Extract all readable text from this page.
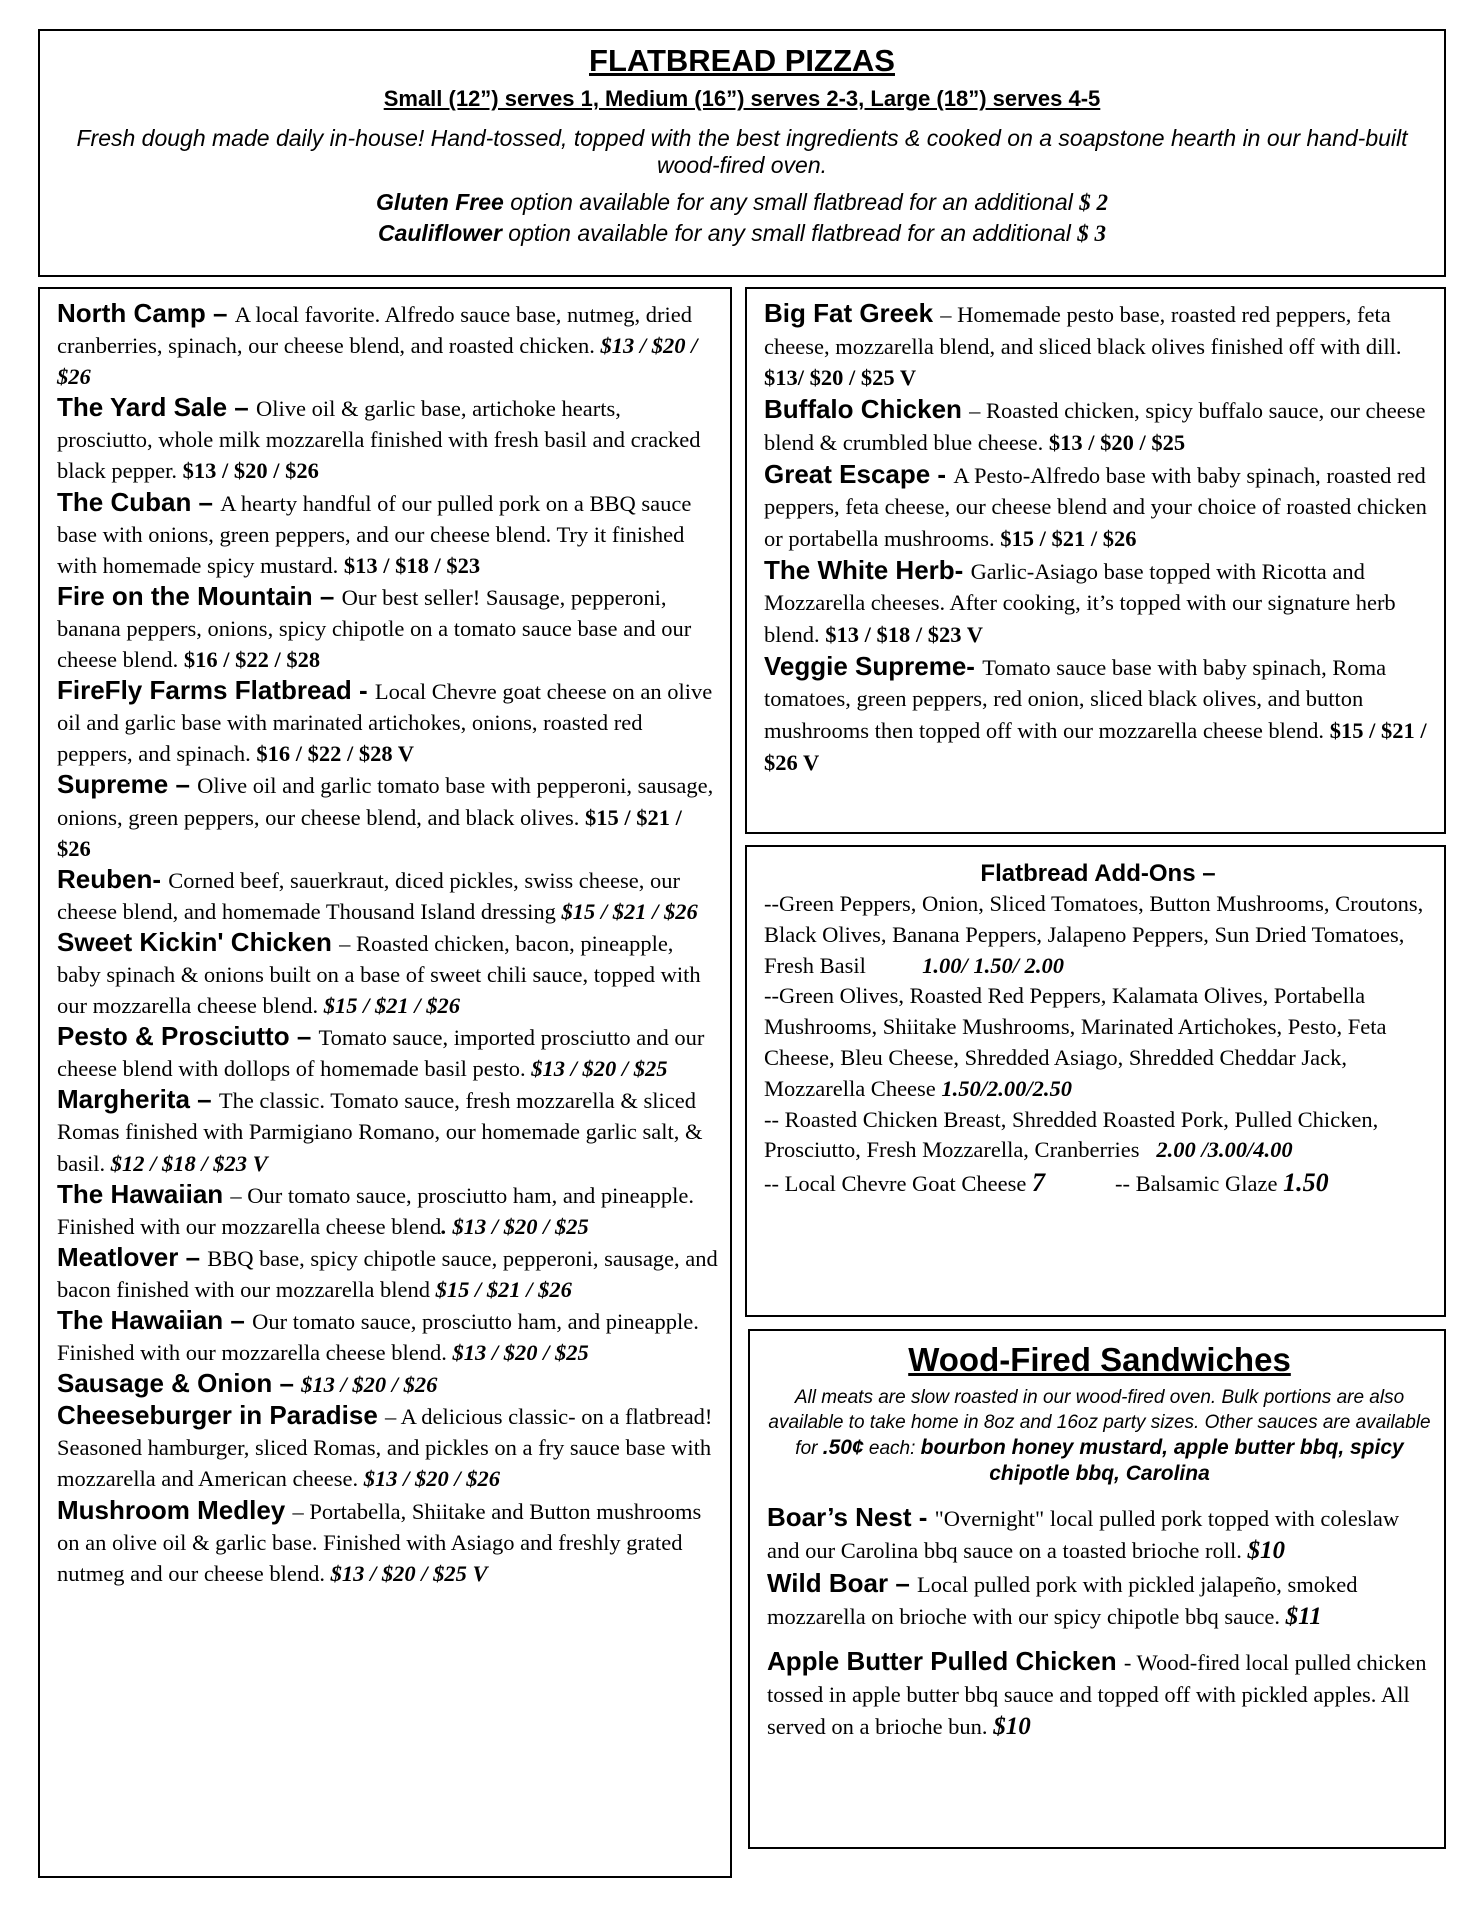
FLATBREAD PIZZAS
Small (12”) serves 1, Medium (16”) serves 2-3, Large (18”) serves 4-5
Fresh dough made daily in-house! Hand-tossed, topped with the best ingredients & cooked on a soapstone hearth in our hand-built wood-fired oven.
Gluten Free option available for any small flatbread for an additional $ 2
Cauliflower option available for any small flatbread for an additional $ 3
North Camp – A local favorite. Alfredo sauce base, nutmeg, dried cranberries, spinach, our cheese blend, and roasted chicken. $13 / $20 / $26
The Yard Sale – Olive oil & garlic base, artichoke hearts, prosciutto, whole milk mozzarella finished with fresh basil and cracked black pepper. $13 / $20 / $26
The Cuban – A hearty handful of our pulled pork on a BBQ sauce base with onions, green peppers, and our cheese blend. Try it finished with homemade spicy mustard. $13 / $18 / $23
Fire on the Mountain – Our best seller! Sausage, pepperoni, banana peppers, onions, spicy chipotle on a tomato sauce base and our cheese blend. $16 / $22 / $28
FireFly Farms Flatbread - Local Chevre goat cheese on an olive oil and garlic base with marinated artichokes, onions, roasted red peppers, and spinach. $16 / $22 / $28 V
Supreme – Olive oil and garlic tomato base with pepperoni, sausage, onions, green peppers, our cheese blend, and black olives. $15 / $21 / $26
Reuben- Corned beef, sauerkraut, diced pickles, swiss cheese, our cheese blend, and homemade Thousand Island dressing $15 / $21 / $26
Sweet Kickin' Chicken – Roasted chicken, bacon, pineapple, baby spinach & onions built on a base of sweet chili sauce, topped with our mozzarella cheese blend. $15 / $21 / $26
Pesto & Prosciutto – Tomato sauce, imported prosciutto and our cheese blend with dollops of homemade basil pesto. $13 / $20 / $25
Margherita – The classic. Tomato sauce, fresh mozzarella & sliced Romas finished with Parmigiano Romano, our homemade garlic salt, & basil. $12 / $18 / $23 V
The Hawaiian – Our tomato sauce, prosciutto ham, and pineapple. Finished with our mozzarella cheese blend. $13 / $20 / $25
Meatlover – BBQ base, spicy chipotle sauce, pepperoni, sausage, and bacon finished with our mozzarella blend $15 / $21 / $26
The Hawaiian – Our tomato sauce, prosciutto ham, and pineapple. Finished with our mozzarella cheese blend. $13 / $20 / $25
Sausage & Onion – $13 / $20 / $26
Cheeseburger in Paradise – A delicious classic- on a flatbread! Seasoned hamburger, sliced Romas, and pickles on a fry sauce base with mozzarella and American cheese. $13 / $20 / $26
Mushroom Medley – Portabella, Shiitake and Button mushrooms on an olive oil & garlic base. Finished with Asiago and freshly grated nutmeg and our cheese blend. $13 / $20 / $25 V
Big Fat Greek – Homemade pesto base, roasted red peppers, feta cheese, mozzarella blend, and sliced black olives finished off with dill. $13/ $20 / $25 V
Buffalo Chicken – Roasted chicken, spicy buffalo sauce, our cheese blend & crumbled blue cheese. $13 / $20 / $25
Great Escape - A Pesto-Alfredo base with baby spinach, roasted red peppers, feta cheese, our cheese blend and your choice of roasted chicken or portabella mushrooms. $15 / $21 / $26
The White Herb- Garlic-Asiago base topped with Ricotta and Mozzarella cheeses. After cooking, it’s topped with our signature herb blend. $13 / $18 / $23 V
Veggie Supreme- Tomato sauce base with baby spinach, Roma tomatoes, green peppers, red onion, sliced black olives, and button mushrooms then topped off with our mozzarella cheese blend. $15 / $21 / $26 V
Flatbread Add-Ons –
--Green Peppers, Onion, Sliced Tomatoes, Button Mushrooms, Croutons, Black Olives, Banana Peppers, Jalapeno Peppers, Sun Dried Tomatoes, Fresh Basil	1.00/ 1.50/ 2.00
--Green Olives, Roasted Red Peppers, Kalamata Olives, Portabella Mushrooms, Shiitake Mushrooms, Marinated Artichokes, Pesto, Feta Cheese, Bleu Cheese, Shredded Asiago, Shredded Cheddar Jack, Mozzarella Cheese 1.50/2.00/2.50
-- Roasted Chicken Breast, Shredded Roasted Pork, Pulled Chicken, Prosciutto, Fresh Mozzarella, Cranberries 2.00 /3.00/4.00
-- Local Chevre Goat Cheese 7	-- Balsamic Glaze 1.50
Wood-Fired Sandwiches
All meats are slow roasted in our wood-fired oven. Bulk portions are also available to take home in 8oz and 16oz party sizes. Other sauces are available for .50¢ each: bourbon honey mustard, apple butter bbq, spicy chipotle bbq, Carolina
Boar’s Nest - "Overnight" local pulled pork topped with coleslaw and our Carolina bbq sauce on a toasted brioche roll. $10
Wild Boar – Local pulled pork with pickled jalapeño, smoked mozzarella on brioche with our spicy chipotle bbq sauce. $11
Apple Butter Pulled Chicken - Wood-fired local pulled chicken tossed in apple butter bbq sauce and topped off with pickled apples. All served on a brioche bun. $10
